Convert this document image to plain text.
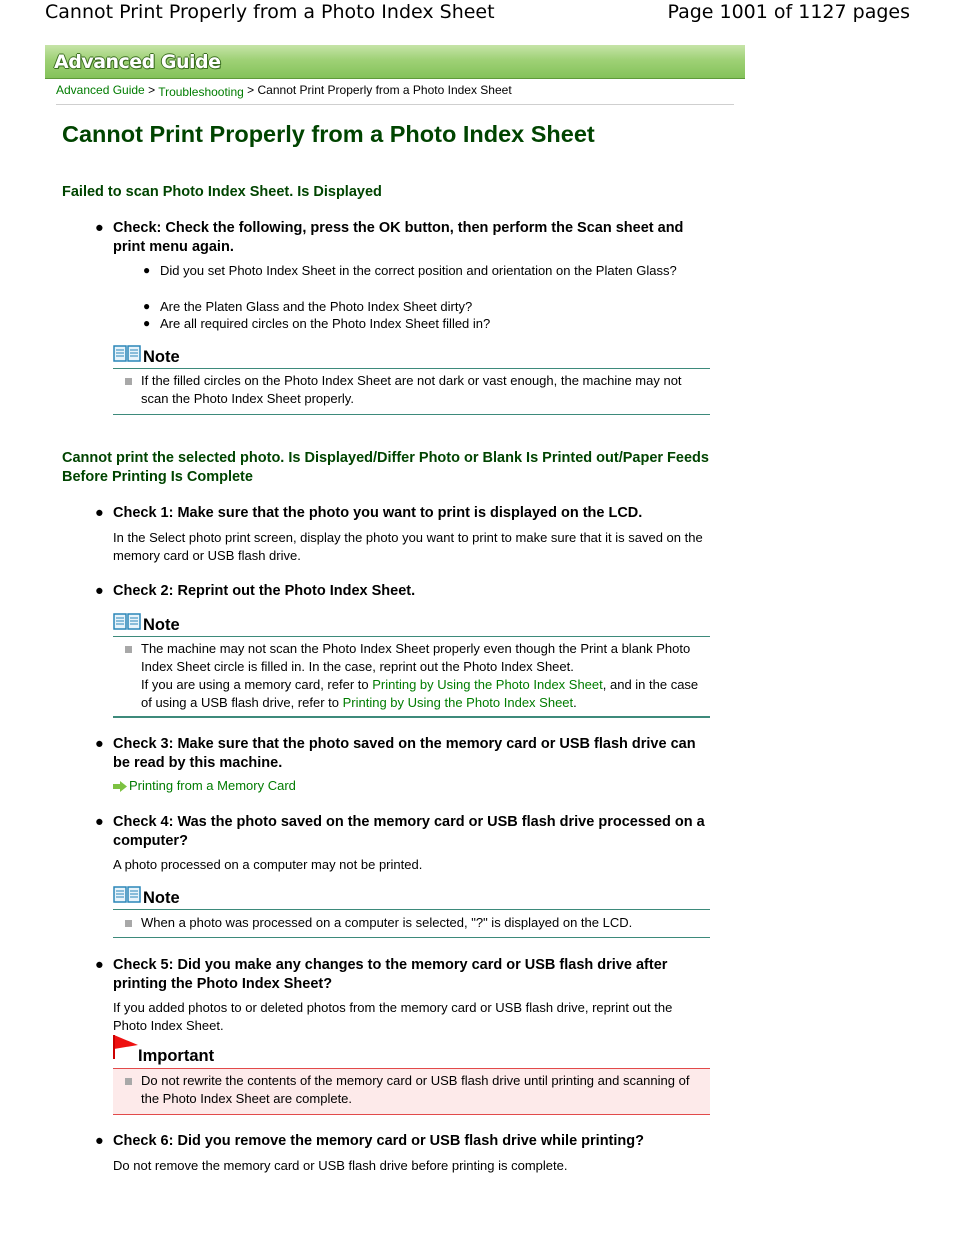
Cannot Print Properly from a Photo Index Sheet	Page 1001 of 1127 pages
Advanced Guide
Advanced Guide > Troubleshooting > Cannot Print Properly from a Photo Index Sheet
Cannot Print Properly from a Photo Index Sheet
Failed to scan Photo Index Sheet. Is Displayed
● Check: Check the following, press the OK button, then perform the Scan sheet and print menu again.
● Did you set Photo Index Sheet in the correct position and orientation on the Platen Glass?
● Are the Platen Glass and the Photo Index Sheet dirty?
● Are all required circles on the Photo Index Sheet filled in?
Note
If the filled circles on the Photo Index Sheet are not dark or vast enough, the machine may not scan the Photo Index Sheet properly.
Cannot print the selected photo. Is Displayed/Differ Photo or Blank Is Printed out/Paper Feeds Before Printing Is Complete
● Check 1: Make sure that the photo you want to print is displayed on the LCD.
In the Select photo print screen, display the photo you want to print to make sure that it is saved on the memory card or USB flash drive.
● Check 2: Reprint out the Photo Index Sheet.
Note
The machine may not scan the Photo Index Sheet properly even though the Print a blank Photo Index Sheet circle is filled in. In the case, reprint out the Photo Index Sheet.
If you are using a memory card, refer to Printing by Using the Photo Index Sheet, and in the case of using a USB flash drive, refer to Printing by Using the Photo Index Sheet.
● Check 3: Make sure that the photo saved on the memory card or USB flash drive can be read by this machine.
Printing from a Memory Card
● Check 4: Was the photo saved on the memory card or USB flash drive processed on a computer?
A photo processed on a computer may not be printed.
Note
When a photo was processed on a computer is selected, "?" is displayed on the LCD.
● Check 5: Did you make any changes to the memory card or USB flash drive after printing the Photo Index Sheet?
If you added photos to or deleted photos from the memory card or USB flash drive, reprint out the Photo Index Sheet.
Important
Do not rewrite the contents of the memory card or USB flash drive until printing and scanning of the Photo Index Sheet are complete.
● Check 6: Did you remove the memory card or USB flash drive while printing?
Do not remove the memory card or USB flash drive before printing is complete.
